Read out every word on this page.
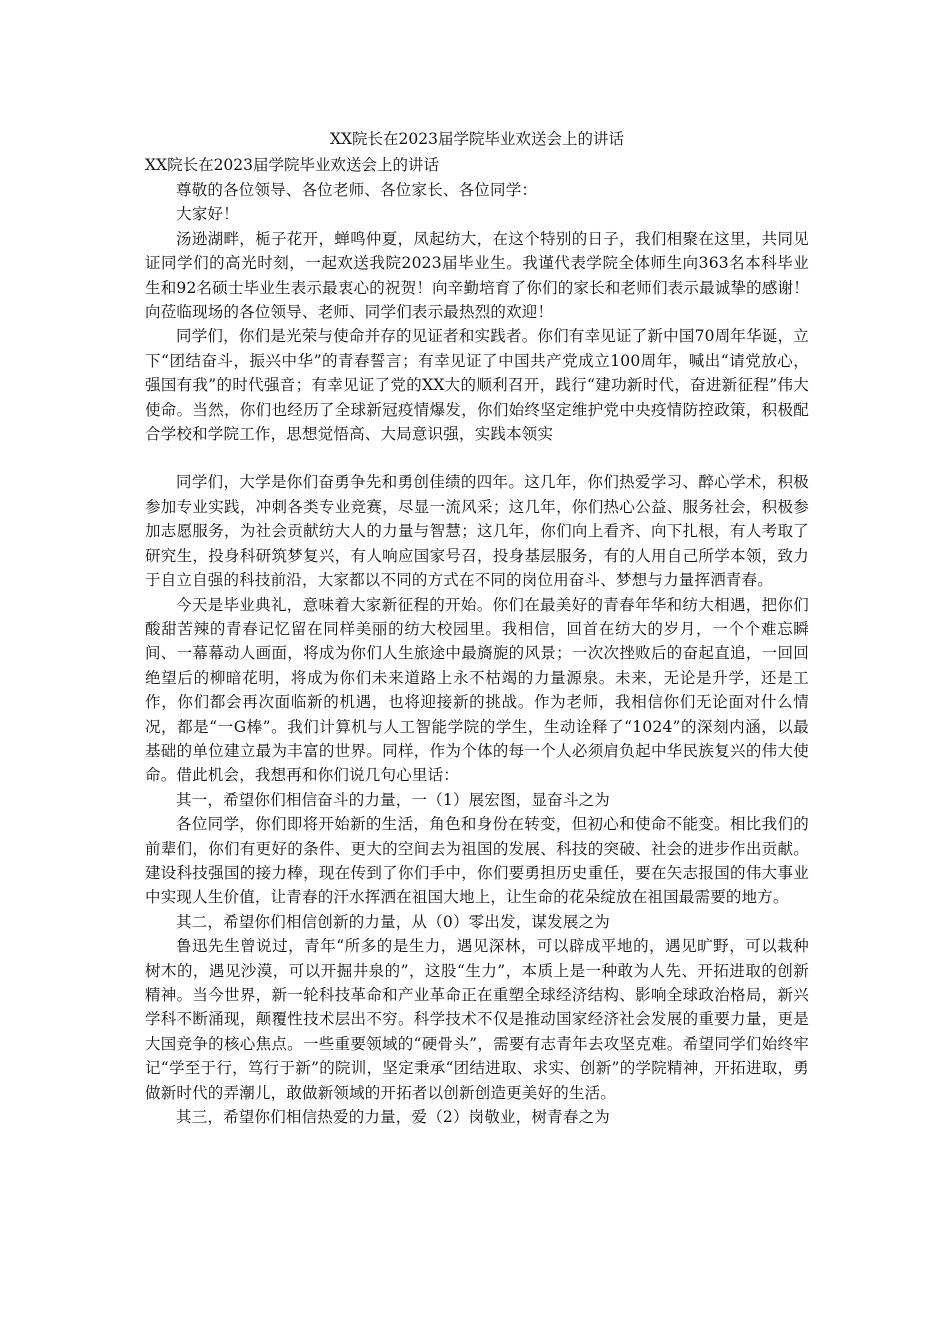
XX院长在2023届学院毕业欢送会上的讲话

XX院长在2023届学院毕业欢送会上的讲话

尊敬的各位领导、各位老师、各位家长、各位同学：

大家好！

汤逊湖畔，栀子花开，蝉鸣仲夏，凤起纺大，在这个特别的日子，我们相聚在这里，共同见证同学们的高光时刻，一起欢送我院2023届毕业生。我谨代表学院全体师生向363名本科毕业生和92名硕士毕业生表示最衷心的祝贺！向辛勤培育了你们的家长和老师们表示最诚挚的感谢！向莅临现场的各位领导、老师、同学们表示最热烈的欢迎！

同学们，你们是光荣与使命并存的见证者和实践者。你们有幸见证了新中国70周年华诞，立下“团结奋斗，振兴中华”的青春誓言；有幸见证了中国共产党成立100周年，喊出“请党放心，强国有我”的时代强音；有幸见证了党的XX大的顺利召开，践行“建功新时代，奋进新征程”伟大使命。当然，你们也经历了全球新冠疫情爆发，你们始终坚定维护党中央疫情防控政策，积极配合学校和学院工作，思想觉悟高、大局意识强，实践本领实

同学们，大学是你们奋勇争先和勇创佳绩的四年。这几年，你们热爱学习、醉心学术，积极参加专业实践，冲刺各类专业竞赛，尽显一流风采；这几年，你们热心公益、服务社会，积极参加志愿服务，为社会贡献纺大人的力量与智慧；这几年，你们向上看齐、向下扎根，有人考取了研究生，投身科研筑梦复兴，有人响应国家号召，投身基层服务，有的人用自己所学本领，致力于自立自强的科技前沿，大家都以不同的方式在不同的岗位用奋斗、梦想与力量挥洒青春。

今天是毕业典礼，意味着大家新征程的开始。你们在最美好的青春年华和纺大相遇，把你们酸甜苦辣的青春记忆留在同样美丽的纺大校园里。我相信，回首在纺大的岁月，一个个难忘瞬间、一幕幕动人画面，将成为你们人生旅途中最旖旎的风景；一次次挫败后的奋起直追，一回回绝望后的柳暗花明，将成为你们未来道路上永不枯竭的力量源泉。未来，无论是升学，还是工作，你们都会再次面临新的机遇，也将迎接新的挑战。作为老师，我相信你们无论面对什么情况，都是“一G棒”。我们计算机与人工智能学院的学生，生动诠释了“1024”的深刻内涵，以最基础的单位建立最为丰富的世界。同样，作为个体的每一个人必须肩负起中华民族复兴的伟大使命。借此机会，我想再和你们说几句心里话：

其一，希望你们相信奋斗的力量，一（1）展宏图，显奋斗之为

各位同学，你们即将开始新的生活，角色和身份在转变，但初心和使命不能变。相比我们的前辈们，你们有更好的条件、更大的空间去为祖国的发展、科技的突破、社会的进步作出贡献。建设科技强国的接力棒，现在传到了你们手中，你们要勇担历史重任，要在矢志报国的伟大事业中实现人生价值，让青春的汗水挥洒在祖国大地上，让生命的花朵绽放在祖国最需要的地方。

其二，希望你们相信创新的力量，从（0）零出发，谋发展之为

鲁迅先生曾说过，青年“所多的是生力，遇见深林，可以辟成平地的，遇见旷野，可以栽种树木的，遇见沙漠，可以开掘井泉的”，这股“生力”，本质上是一种敢为人先、开拓进取的创新精神。当今世界，新一轮科技革命和产业革命正在重塑全球经济结构、影响全球政治格局，新兴学科不断涌现，颠覆性技术层出不穷。科学技术不仅是推动国家经济社会发展的重要力量，更是大国竞争的核心焦点。一些重要领域的“硬骨头”，需要有志青年去攻坚克难。希望同学们始终牢记“学至于行，笃行于新”的院训，坚定秉承“团结进取、求实、创新”的学院精神，开拓进取，勇做新时代的弄潮儿，敢做新领域的开拓者以创新创造更美好的生活。

其三，希望你们相信热爱的力量，爱（2）岗敬业，树青春之为
